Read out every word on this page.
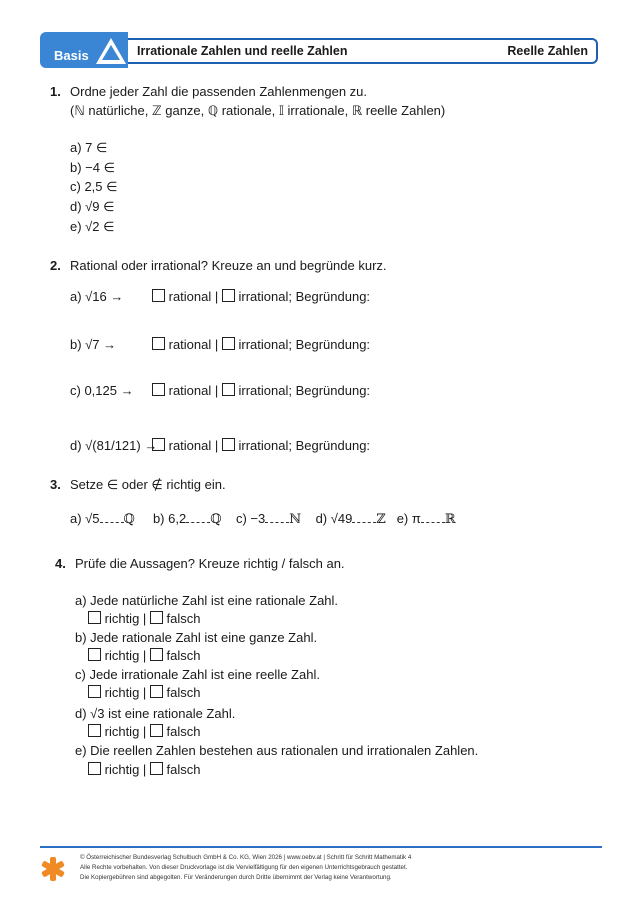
Basis	Irrationale Zahlen und reelle Zahlen	Reelle Zahlen
1. Ordne jeder Zahl die passenden Zahlenmengen zu.
(ℕ natürliche, ℤ ganze, ℚ rationale, 𝕀 irrationale, ℝ reelle Zahlen)
a) 7 ∈
b) −4 ∈
c) 2,5 ∈
d) √9 ∈
e) √2 ∈
2. Rational oder irrational? Kreuze an und begründe kurz.
a) √16 →	rational | irrational; Begründung:
b) √7 →	rational | irrational; Begründung:
c) 0,125 →	rational | irrational; Begründung:
d) √(81/121) → rational | irrational; Begründung:
3. Setze ∈ oder ∉ richtig ein.
a) √5 ℚ b) 6,2 ℚ c) −3 ℕ d) √49 ℤ e) π ℝ
4. Prüfe die Aussagen? Kreuze richtig / falsch an.
a) Jede natürliche Zahl ist eine rationale Zahl.
richtig | falsch
b) Jede rationale Zahl ist eine ganze Zahl.
richtig | falsch
c) Jede irrationale Zahl ist eine reelle Zahl.
richtig | falsch
d) √3 ist eine rationale Zahl.
richtig | falsch
e) Die reellen Zahlen bestehen aus rationalen und irrationalen Zahlen.
richtig | falsch
© Österreichischer Bundesverlag Schulbuch GmbH & Co. KG, Wien 2026 | www.oebv.at | Schritt für Schritt Mathematik 4
Alle Rechte vorbehalten. Von dieser Druckvorlage ist die Vervielfältigung für den eigenen Unterrichtsgebrauch gestattet.
Die Kopiergebühren sind abgegolten. Für Veränderungen durch Dritte übernimmt der Verlag keine Verantwortung.
